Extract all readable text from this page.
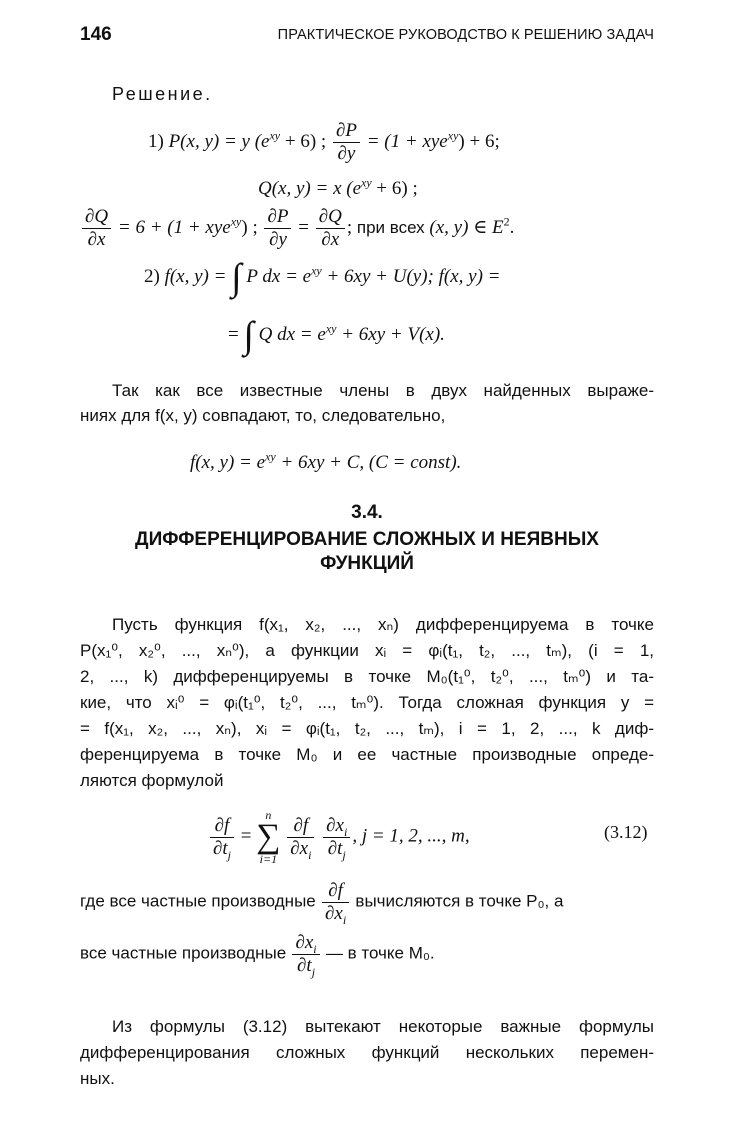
146	ПРАКТИЧЕСКОЕ РУКОВОДСТВО К РЕШЕНИЮ ЗАДАЧ
Решение.
1) P(x, y) = y $(e^{xy} + 6)$ ; $\frac{\partial P}{\partial y} = (1 + xye^{xy}) + 6$;
Q(x, y) = x $(e^{xy} + 6)$ ;
$\frac{\partial Q}{\partial x} = 6 + (1 + xye^{xy})$ ; $\frac{\partial P}{\partial y} = \frac{\partial Q}{\partial x}$ ; при всех (x, y) ∈ $E^2$.
2) f(x, y) = ∫ P dx = $e^{xy} + 6xy + U(y)$; f(x, y) =
= ∫ Q dx = $e^{xy} + 6xy + V(x)$.
Так как все известные члены в двух найденных выраже-
ниях для f(x, y) совпадают, то, следовательно,
f(x, $y) = e^{xy} + 6xy + C$, (C = const).
3.4.
ДИФФЕРЕНЦИРОВАНИЕ СЛОЖНЫХ И НЕЯВНЫХ
ФУНКЦИЙ
Пусть функция f(x₁, x₂, ..., xₙ) дифференцируема в точке
P(x₁⁰, x₂⁰, ..., xₙ⁰), а функции xᵢ = φᵢ(t₁, t₂, ..., tₘ), (i = 1,
2, ..., k) дифференцируемы в точке M₀(t₁⁰, t₂⁰, ..., tₘ⁰) и та-
кие, что xᵢ⁰ = φᵢ(t₁⁰, t₂⁰, ..., tₘ⁰). Тогда сложная функция y =
= f(x₁, x₂, ..., xₙ), xᵢ = φᵢ(t₁, t₂, ..., tₘ), i = 1, 2, ..., k диф-
ференцируема в точке M₀ и ее частные производные опреде-
ляются формулой
$\frac{\partial f}{\partial t_j}$ =
n
∑
i=1
$\frac{\partial f}{\partial x_i}$
$\frac{\partial x_i}{\partial t_j}$ , j = 1, 2, ..., m,	(3.12)
где все частные производные $\frac{\partial f}{\partial x_i}$ вычисляются в точке P₀, а
все частные производные $\frac{\partial x_i}{\partial t_j}$ — в точке M₀.
Из формулы (3.12) вытекают некоторые важные формулы
дифференцирования сложных функций нескольких перемен-
ных.
